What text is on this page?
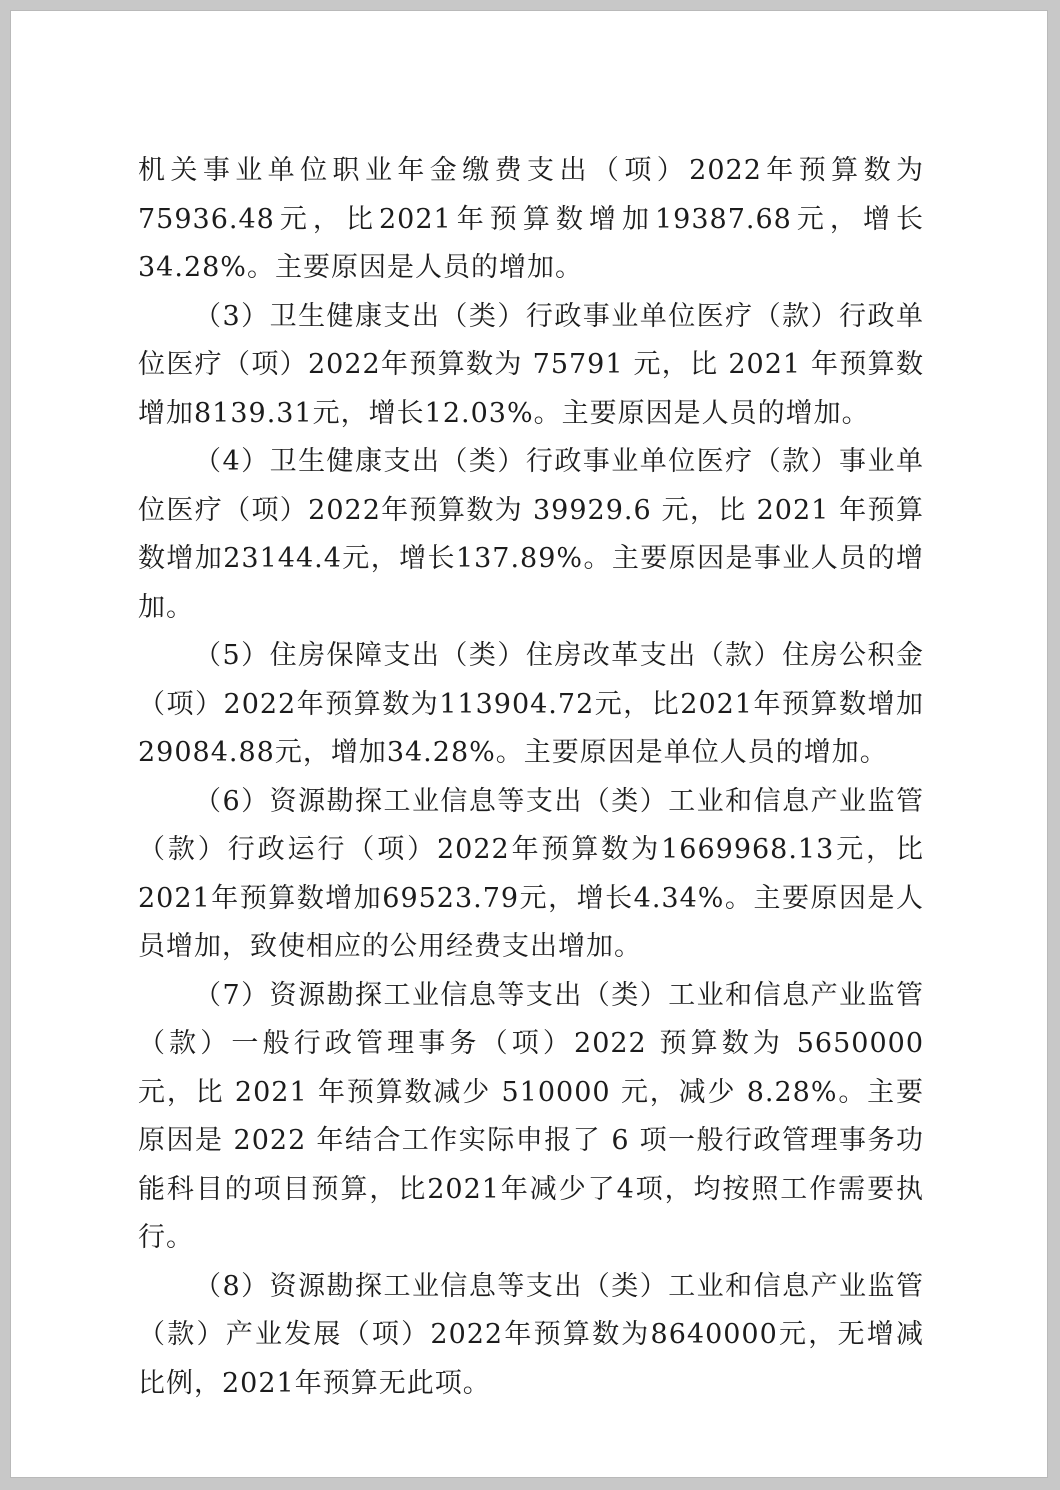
机关事业单位职业年金缴费支出（项）2022年预算数为75936.48元，比2021年预算数增加19387.68元，增长34.28%。主要原因是人员的增加。

（3）卫生健康支出（类）行政事业单位医疗（款）行政单位医疗（项）2022年预算数为 75791 元，比 2021 年预算数增加8139.31元，增长12.03%。主要原因是人员的增加。

（4）卫生健康支出（类）行政事业单位医疗（款）事业单位医疗（项）2022年预算数为 39929.6 元，比 2021 年预算数增加23144.4元，增长137.89%。主要原因是事业人员的增加。

（5）住房保障支出（类）住房改革支出（款）住房公积金（项）2022年预算数为113904.72元，比2021年预算数增加29084.88元，增加34.28%。主要原因是单位人员的增加。

（6）资源勘探工业信息等支出（类）工业和信息产业监管（款）行政运行（项）2022年预算数为1669968.13元，比2021年预算数增加69523.79元，增长4.34%。主要原因是人员增加，致使相应的公用经费支出增加。

（7）资源勘探工业信息等支出（类）工业和信息产业监管（款）一般行政管理事务（项）2022 预算数为 5650000 元，比 2021 年预算数减少 510000 元，减少 8.28%。主要原因是 2022 年结合工作实际申报了 6 项一般行政管理事务功能科目的项目预算，比2021年减少了4项，均按照工作需要执行。

（8）资源勘探工业信息等支出（类）工业和信息产业监管（款）产业发展（项）2022年预算数为8640000元，无增减比例，2021年预算无此项。
